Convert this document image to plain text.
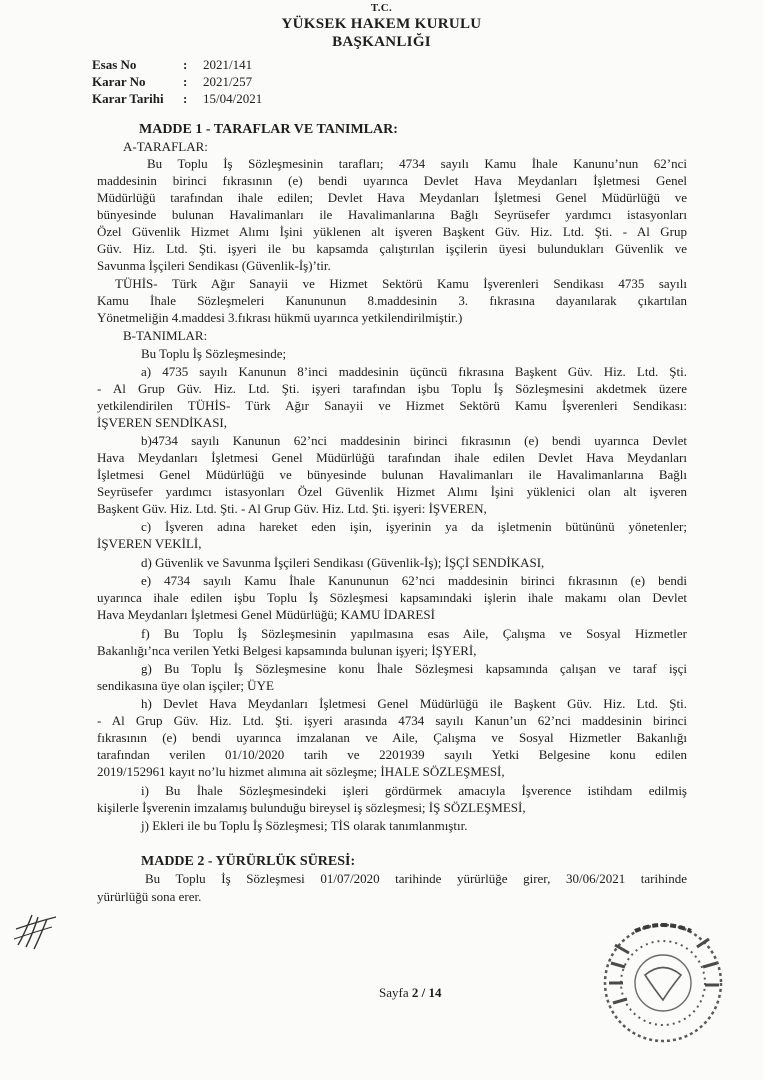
T.C.
YÜKSEK HAKEM KURULU
BAŞKANLIĞI
Esas No	: 2021/141
Karar No	: 2021/257
Karar Tarihi : 15/04/2021
MADDE 1 - TARAFLAR VE TANIMLAR:
A-TARAFLAR:
Bu Toplu İş Sözleşmesinin tarafları; 4734 sayılı Kamu İhale Kanunu’nun 62’nci
maddesinin birinci fıkrasının (e) bendi uyarınca Devlet Hava Meydanları İşletmesi Genel
Müdürlüğü tarafından ihale edilen; Devlet Hava Meydanları İşletmesi Genel Müdürlüğü ve
bünyesinde bulunan Havalimanları ile Havalimanlarına Bağlı Seyrüsefer yardımcı istasyonları
Özel Güvenlik Hizmet Alımı İşini yüklenen alt işveren Başkent Güv. Hiz. Ltd. Şti. - Al Grup
Güv. Hiz. Ltd. Şti. işyeri ile bu kapsamda çalıştırılan işçilerin üyesi bulundukları Güvenlik ve
Savunma İşçileri Sendikası (Güvenlik-İş)’tir.
TÜHİS- Türk Ağır Sanayii ve Hizmet Sektörü Kamu İşverenleri Sendikası 4735 sayılı
Kamu İhale Sözleşmeleri Kanununun 8.maddesinin 3. fıkrasına dayanılarak çıkartılan
Yönetmeliğin 4.maddesi 3.fıkrası hükmü uyarınca yetkilendirilmiştir.)
B-TANIMLAR:
Bu Toplu İş Sözleşmesinde;
a) 4735 sayılı Kanunun 8’inci maddesinin üçüncü fıkrasına Başkent Güv. Hiz. Ltd. Şti.
- Al Grup Güv. Hiz. Ltd. Şti. işyeri tarafından işbu Toplu İş Sözleşmesini akdetmek üzere
yetkilendirilen TÜHİS- Türk Ağır Sanayii ve Hizmet Sektörü Kamu İşverenleri Sendikası:
İŞVEREN SENDİKASI,
b)4734 sayılı Kanunun 62’nci maddesinin birinci fıkrasının (e) bendi uyarınca Devlet
Hava Meydanları İşletmesi Genel Müdürlüğü tarafından ihale edilen Devlet Hava Meydanları
İşletmesi Genel Müdürlüğü ve bünyesinde bulunan Havalimanları ile Havalimanlarına Bağlı
Seyrüsefer yardımcı istasyonları Özel Güvenlik Hizmet Alımı İşini yüklenici olan alt işveren
Başkent Güv. Hiz. Ltd. Şti. - Al Grup Güv. Hiz. Ltd. Şti. işyeri: İŞVEREN,
c) İşveren adına hareket eden işin, işyerinin ya da işletmenin bütününü yönetenler;
İŞVEREN VEKİLİ,
d) Güvenlik ve Savunma İşçileri Sendikası (Güvenlik-İş); İŞÇİ SENDİKASI,
e) 4734 sayılı Kamu İhale Kanununun 62’nci maddesinin birinci fıkrasının (e) bendi
uyarınca ihale edilen işbu Toplu İş Sözleşmesi kapsamındaki işlerin ihale makamı olan Devlet
Hava Meydanları İşletmesi Genel Müdürlüğü; KAMU İDARESİ
f) Bu Toplu İş Sözleşmesinin yapılmasına esas Aile, Çalışma ve Sosyal Hizmetler
Bakanlığı’nca verilen Yetki Belgesi kapsamında bulunan işyeri; İŞYERİ,
g) Bu Toplu İş Sözleşmesine konu İhale Sözleşmesi kapsamında çalışan ve taraf işçi
sendikasına üye olan işçiler; ÜYE
h) Devlet Hava Meydanları İşletmesi Genel Müdürlüğü ile Başkent Güv. Hiz. Ltd. Şti.
- Al Grup Güv. Hiz. Ltd. Şti. işyeri arasında 4734 sayılı Kanun’un 62’nci maddesinin birinci
fıkrasının (e) bendi uyarınca imzalanan ve Aile, Çalışma ve Sosyal Hizmetler Bakanlığı
tarafından verilen 01/10/2020 tarih ve 2201939 sayılı Yetki Belgesine konu edilen
2019/152961 kayıt no’lu hizmet alımına ait sözleşme; İHALE SÖZLEŞMESİ,
i) Bu İhale Sözleşmesindeki işleri gördürmek amacıyla İşverence istihdam edilmiş
kişilerle İşverenin imzalamış bulunduğu bireysel iş sözleşmesi; İŞ SÖZLEŞMESİ,
j) Ekleri ile bu Toplu İş Sözleşmesi; TİS olarak tanımlanmıştır.
MADDE 2 - YÜRÜRLÜK SÜRESİ:
Bu Toplu İş Sözleşmesi 01/07/2020 tarihinde yürürlüğe girer, 30/06/2021 tarihinde
yürürlüğü sona erer.
Sayfa 2 / 14
